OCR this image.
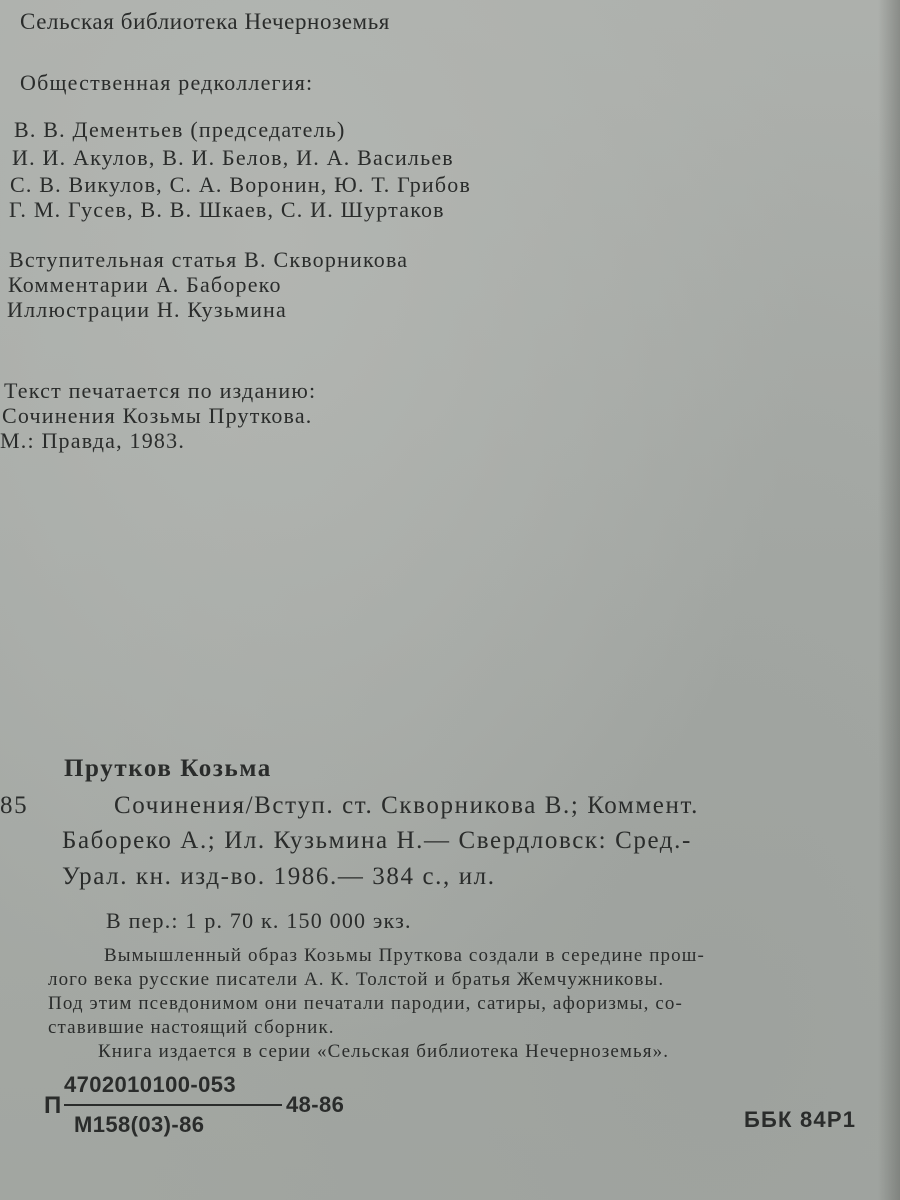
Сельская библиотека Нечерноземья
Общественная редколлегия:
В. В. Дементьев (председатель)
И. И. Акулов, В. И. Белов, И. А. Васильев
С. В. Викулов, С. А. Воронин, Ю. Т. Грибов
Г. М. Гусев, В. В. Шкаев, С. И. Шуртаков
Вступительная статья В. Скворникова
Комментарии А. Бабореко
Иллюстрации Н. Кузьмина
Текст печатается по изданию:
Сочинения Козьмы Пруткова.
М.: Правда, 1983.
Прутков Козьма
85	Сочинения/Вступ. ст. Скворникова В.; Коммент.
Бабореко А.; Ил. Кузьмина Н.— Свердловск: Сред.-
Урал. кн. изд-во. 1986.— 384 с., ил.
В пер.: 1 р. 70 к. 150 000 экз.
Вымышленный образ Козьмы Пруткова создали в середине прош-
лого века русские писатели А. К. Толстой и братья Жемчужниковы.
Под этим псевдонимом они печатали пародии, сатиры, афоризмы, со-
ставившие настоящий сборник.
Книга издается в серии «Сельская библиотека Нечерноземья».
П
4702010100-053
48-86
М158(03)-86	ББК 84Р1
